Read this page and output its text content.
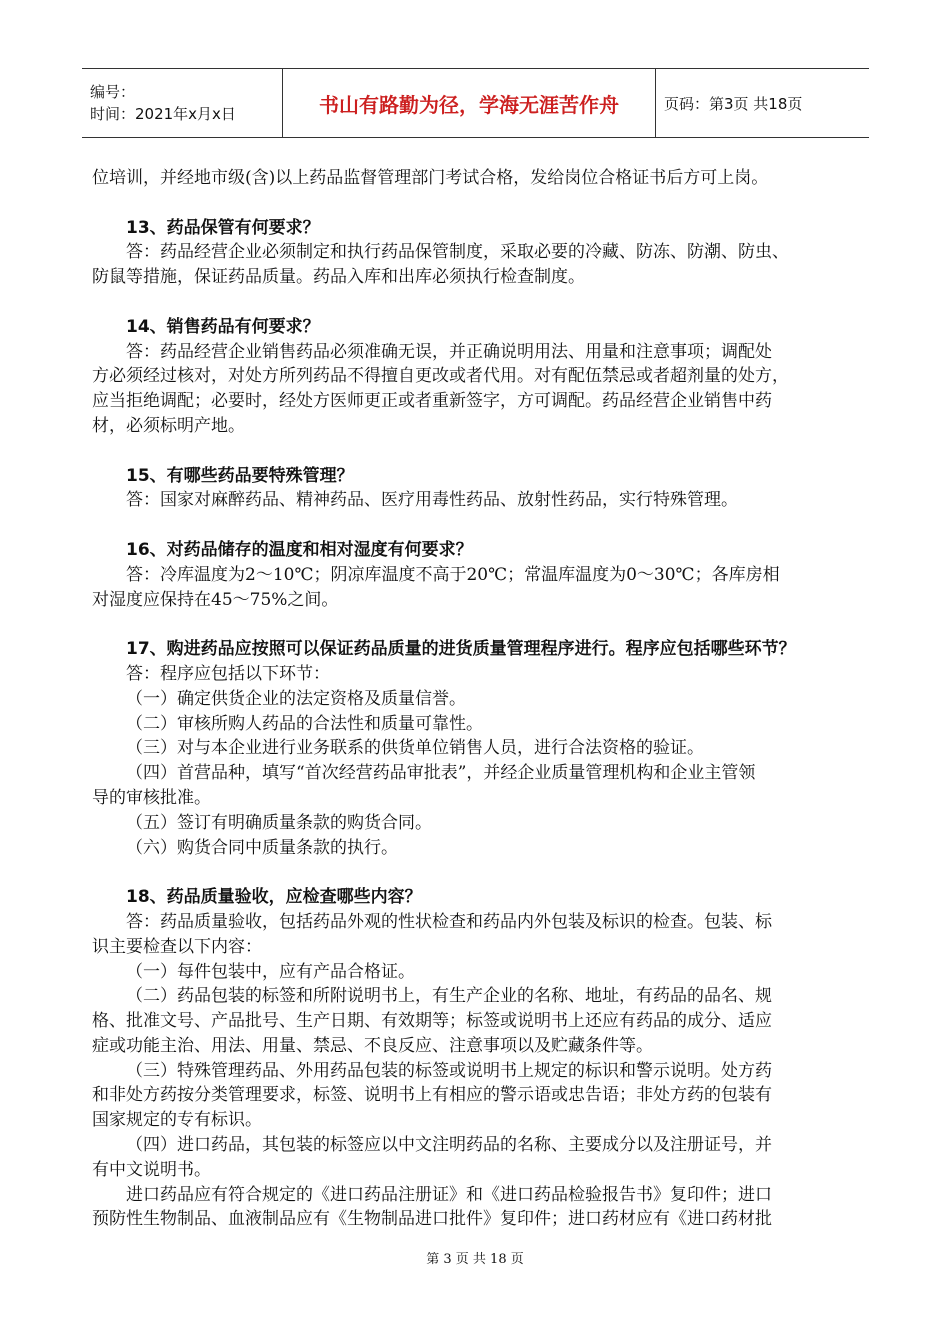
编号：
时间：2021年x月x日	书山有路勤为径，学海无涯苦作舟	页码：第3页 共18页
位培训，并经地市级(含)以上药品监督管理部门考试合格，发给岗位合格证书后方可上岗。
13、药品保管有何要求？
答：药品经营企业必须制定和执行药品保管制度，采取必要的冷藏、防冻、防潮、防虫、
防鼠等措施，保证药品质量。药品入库和出库必须执行检查制度。
14、销售药品有何要求？
答：药品经营企业销售药品必须准确无误，并正确说明用法、用量和注意事项；调配处
方必须经过核对，对处方所列药品不得擅自更改或者代用。对有配伍禁忌或者超剂量的处方，
应当拒绝调配；必要时，经处方医师更正或者重新签字，方可调配。药品经营企业销售中药
材，必须标明产地。
15、有哪些药品要特殊管理？
答：国家对麻醉药品、精神药品、医疗用毒性药品、放射性药品，实行特殊管理。
16、对药品储存的温度和相对湿度有何要求？
答：冷库温度为2～10℃；阴凉库温度不高于20℃；常温库温度为0～30℃；各库房相
对湿度应保持在45～75%之间。
17、购进药品应按照可以保证药品质量的进货质量管理程序进行。程序应包括哪些环节？
答：程序应包括以下环节：
（一）确定供货企业的法定资格及质量信誉。
（二）审核所购人药品的合法性和质量可靠性。
（三）对与本企业进行业务联系的供货单位销售人员，进行合法资格的验证。
（四）首营品种，填写“首次经营药品审批表”，并经企业质量管理机构和企业主管领
导的审核批准。
（五）签订有明确质量条款的购货合同。
（六）购货合同中质量条款的执行。
18、药品质量验收，应检查哪些内容？
答：药品质量验收，包括药品外观的性状检查和药品内外包装及标识的检查。包装、标
识主要检查以下内容：
（一）每件包装中，应有产品合格证。
（二）药品包装的标签和所附说明书上，有生产企业的名称、地址，有药品的品名、规
格、批准文号、产品批号、生产日期、有效期等；标签或说明书上还应有药品的成分、适应
症或功能主治、用法、用量、禁忌、不良反应、注意事项以及贮藏条件等。
（三）特殊管理药品、外用药品包装的标签或说明书上规定的标识和警示说明。处方药
和非处方药按分类管理要求，标签、说明书上有相应的警示语或忠告语；非处方药的包装有
国家规定的专有标识。
（四）进口药品，其包装的标签应以中文注明药品的名称、主要成分以及注册证号，并
有中文说明书。
进口药品应有符合规定的《进口药品注册证》和《进口药品检验报告书》复印件；进口
预防性生物制品、血液制品应有《生物制品进口批件》复印件；进口药材应有《进口药材批
第 3 页 共 18 页
